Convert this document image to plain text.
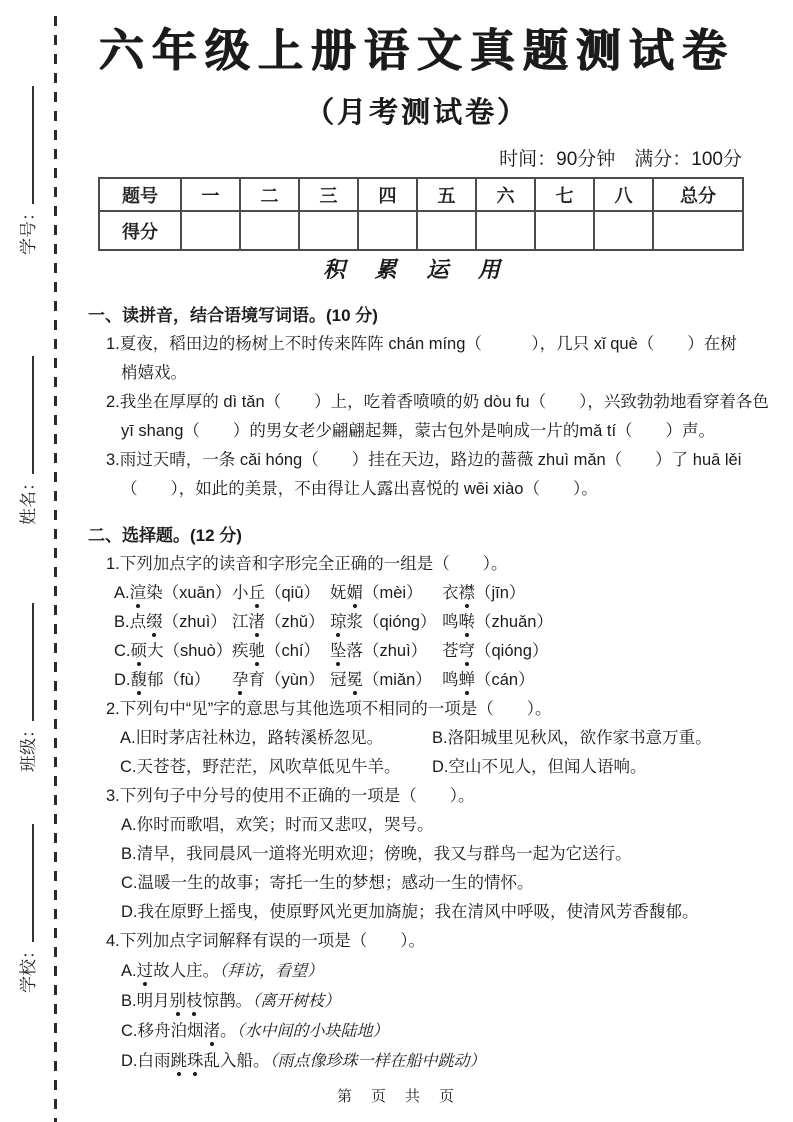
学号：
姓名：
班级：
学校：
六年级上册语文真题测试卷
（月考测试卷）
时间：90分钟　满分：100分
题号	一	二	三	四	五	六	七	八	总分
得分									
积 累 运 用
一、读拼音，结合语境写词语。(10 分)
1.夏夜，稻田边的杨树上不时传来阵阵 chán míng（　　　），几只 xǐ què（　　）在树
梢嬉戏。
2.我坐在厚厚的 dì tǎn（　　）上，吃着香喷喷的奶 dòu fu（　　），兴致勃勃地看穿着各色
yī shang（　　）的男女老少翩翩起舞，蒙古包外是响成一片的mǎ tí（　　）声。
3.雨过天晴，一条 cǎi hóng（　　）挂在天边，路边的蔷薇 zhuì mǎn（　　）了 huā lěi
（　　），如此的美景，不由得让人露出喜悦的 wēi xiào（　　）。
二、选择题。(12 分)
1.下列加点字的读音和字形完全正确的一组是（　　）。
A.渲染（xuān） 小丘（qiū） 妩媚（mèi）	衣襟（jīn）
B.点缀（zhuì） 江渚（zhǔ） 琼浆（qióng） 鸣啭（zhuǎn）
C.硕大（shuò） 疾驰（chí） 坠落（zhuì） 苍穹（qióng）
D.馥郁（fù）	孕育（yùn） 冠冕（miǎn） 鸣蝉（cán）
2.下列句中“见”字的意思与其他选项不相同的一项是（　　）。
A.旧时茅店社林边，路转溪桥忽见。	B.洛阳城里见秋风，欲作家书意万重。
C.天苍苍，野茫茫，风吹草低见牛羊。	D.空山不见人，但闻人语响。
3.下列句子中分号的使用不正确的一项是（　　）。
A.你时而歌唱，欢笑；时而又悲叹，哭号。
B.清早，我同晨风一道将光明欢迎；傍晚，我又与群鸟一起为它送行。
C.温暖一生的故事；寄托一生的梦想；感动一生的情怀。
D.我在原野上摇曳，使原野风光更加旖旎；我在清风中呼吸，使清风芳香馥郁。
4.下列加点字词解释有误的一项是（　　）。
A.过故人庄。（拜访，看望）
B.明月别枝惊鹊。（离开树枝）
C.移舟泊烟渚。（水中间的小块陆地）
D.白雨跳珠乱入船。（雨点像珍珠一样在船中跳动）
第　页　共　页
